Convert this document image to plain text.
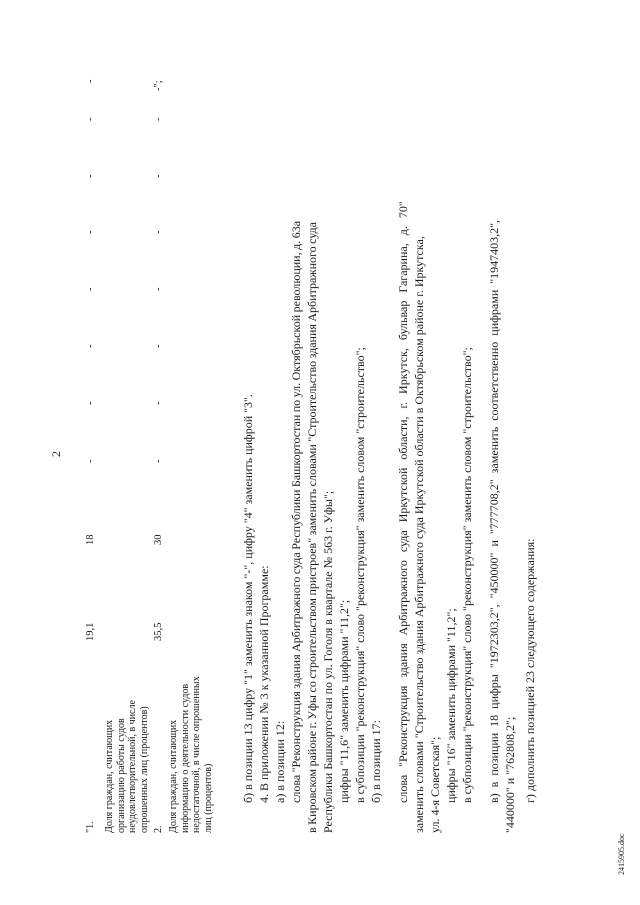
2
"1. Доля граждан, считающих организацию работы судов неудовлетворительной, в числе опрошенных лиц (процентов)
19,1
18
-
-
-
-
-
-
-
-
2. Доля граждан, считающих информацию о деятельности судов недостаточной, в числе опрошенных лиц (процентов)
35,5
30
-
-
-
-
-
-
-
-";
б) в позиции 13 цифру "1" заменить знаком "-", цифру "4" заменить цифрой "3". 4. В приложении № 3 к указанной Программе: а) в позиции 12: слова "Реконструкция здания Арбитражного суда Республики Башкортостан по ул. Октябрьской революции, д. 63а в Кировском районе г. Уфы со строительством пристроев" заменить словами "Строительство здания Арбитражного суда Республики Башкортостан по ул. Гоголя в квартале № 563 г. Уфы"; цифры "11,6" заменить цифрами "11,2"; в субпозиции "реконструкция" слово "реконструкция" заменить словом "строительство"; б) в позиции 17: слова "Реконструкция здания Арбитражного суда Иркутской области, г. Иркутск, бульвар Гагарина, д. 70" заменить словами "Строительство здания Арбитражного суда Иркутской области в Октябрьском районе г. Иркутска, ул. 4-я Советская"; цифры "16" заменить цифрами "11,2"; в субпозиции "реконструкция" слово "реконструкция" заменить словом "строительство"; в) в позиции 18 цифры "1972303,2", "450000" и "777708,2" заменить соответственно цифрами "1947403,2", "440000" и "762808,2"; г) дополнить позицией 23 следующего содержания:
2415905.doc
